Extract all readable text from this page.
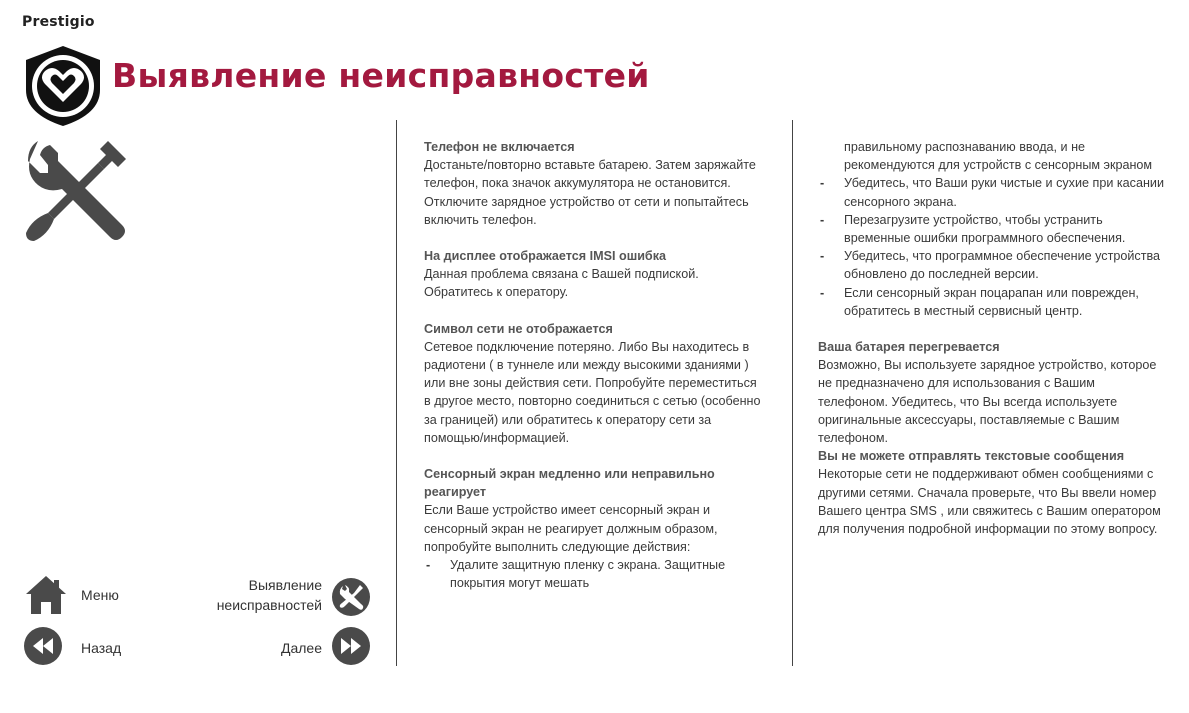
Prestigio
Выявление неисправностей
Меню
Назад
Выявление
неисправностей
Далее

Телефон не включается

Достаньте/повторно вставьте батарею. Затем заряжайте телефон, пока значок аккумулятора не остановится. Отключите зарядное устройство от сети и попытайтесь включить телефон.

На дисплее отображается IMSI ошибка

Данная проблема связана с Вашей подпиской. Обратитесь к оператору.

Символ сети не отображается

Сетевое подключение потеряно. Либо Вы находитесь в радиотени ( в туннеле или между высокими зданиями ) или вне зоны действия сети. Попробуйте переместиться в другое место, повторно соединиться с сетью (особенно за границей) или обратитесь к оператору сети за помощью/информацией.

Сенсорный экран медленно или неправильно реагирует

Если Ваше устройство имеет сенсорный экран и сенсорный экран не реагирует должным образом, попробуйте выполнить следующие действия:

- Удалите защитную пленку с экрана. Защитные покрытия могут мешать

правильному распознаванию ввода, и не рекомендуются для устройств с сенсорным экраном

- Убедитесь, что Ваши руки чистые и сухие при касании сенсорного экрана.
- Перезагрузите устройство, чтобы устранить временные ошибки программного обеспечения.
- Убедитесь, что программное обеспечение устройства обновлено до последней версии.
- Если сенсорный экран поцарапан или поврежден, обратитесь в местный сервисный центр.

Ваша батарея перегревается

Возможно, Вы используете зарядное устройство, которое не предназначено для использования с Вашим телефоном. Убедитесь, что Вы всегда используете оригинальные аксессуары, поставляемые с Вашим телефоном.

Вы не можете отправлять текстовые сообщения

Некоторые сети не поддерживают обмен сообщениями с другими сетями. Сначала проверьте, что Вы ввели номер Вашего центра SMS , или свяжитесь с Вашим оператором для получения подробной информации по этому вопросу.
